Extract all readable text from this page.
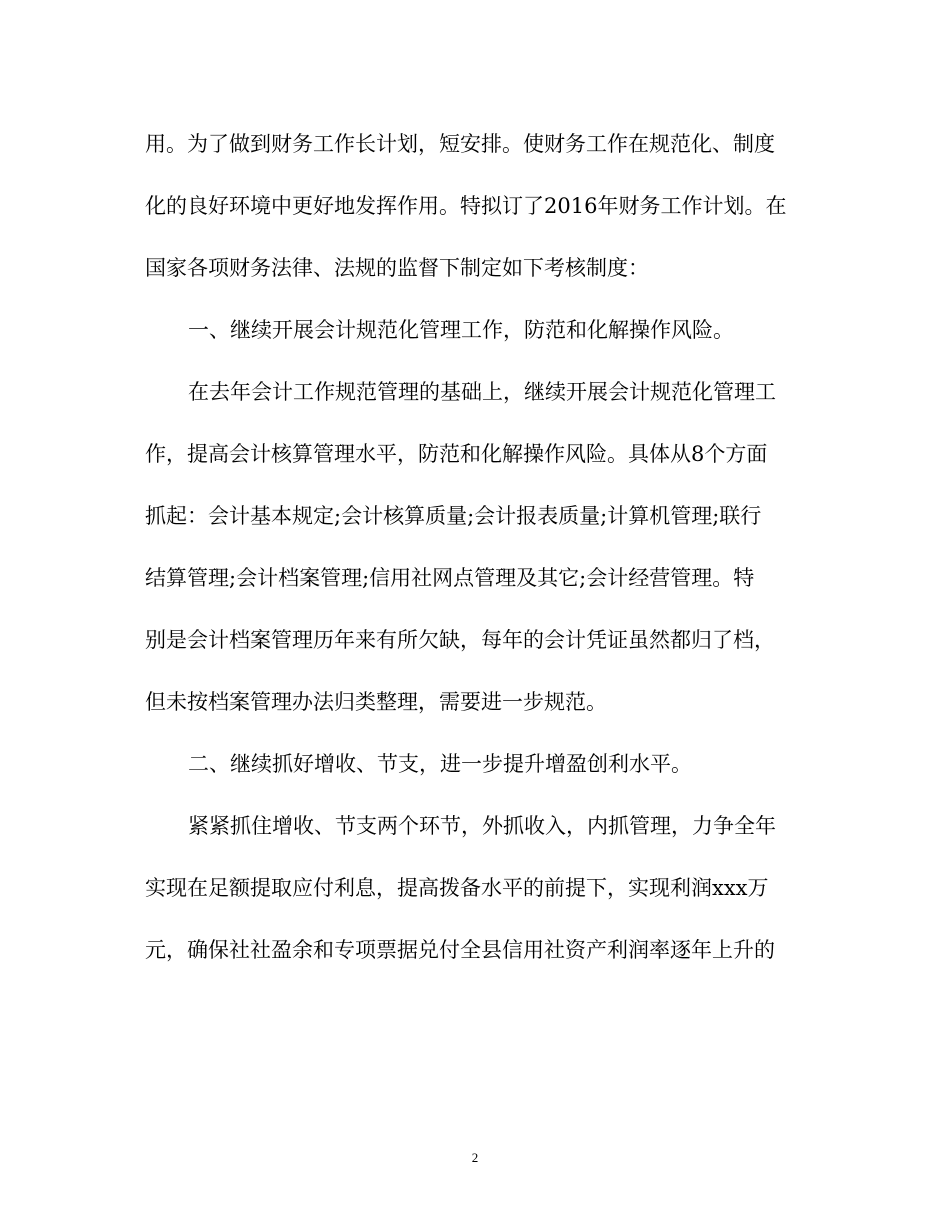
用。为了做到财务工作长计划，短安排。使财务工作在规范化、制度
化的良好环境中更好地发挥作用。特拟订了2016年财务工作计划。在
国家各项财务法律、法规的监督下制定如下考核制度：
一、继续开展会计规范化管理工作，防范和化解操作风险。
在去年会计工作规范管理的基础上，继续开展会计规范化管理工
作，提高会计核算管理水平，防范和化解操作风险。具体从8个方面
抓起：会计基本规定;会计核算质量;会计报表质量;计算机管理;联行
结算管理;会计档案管理;信用社网点管理及其它;会计经营管理。特
别是会计档案管理历年来有所欠缺，每年的会计凭证虽然都归了档，
但未按档案管理办法归类整理，需要进一步规范。
二、继续抓好增收、节支，进一步提升增盈创利水平。
紧紧抓住增收、节支两个环节，外抓收入，内抓管理，力争全年
实现在足额提取应付利息，提高拨备水平的前提下，实现利润xxx万
元，确保社社盈余和专项票据兑付全县信用社资产利润率逐年上升的
2
